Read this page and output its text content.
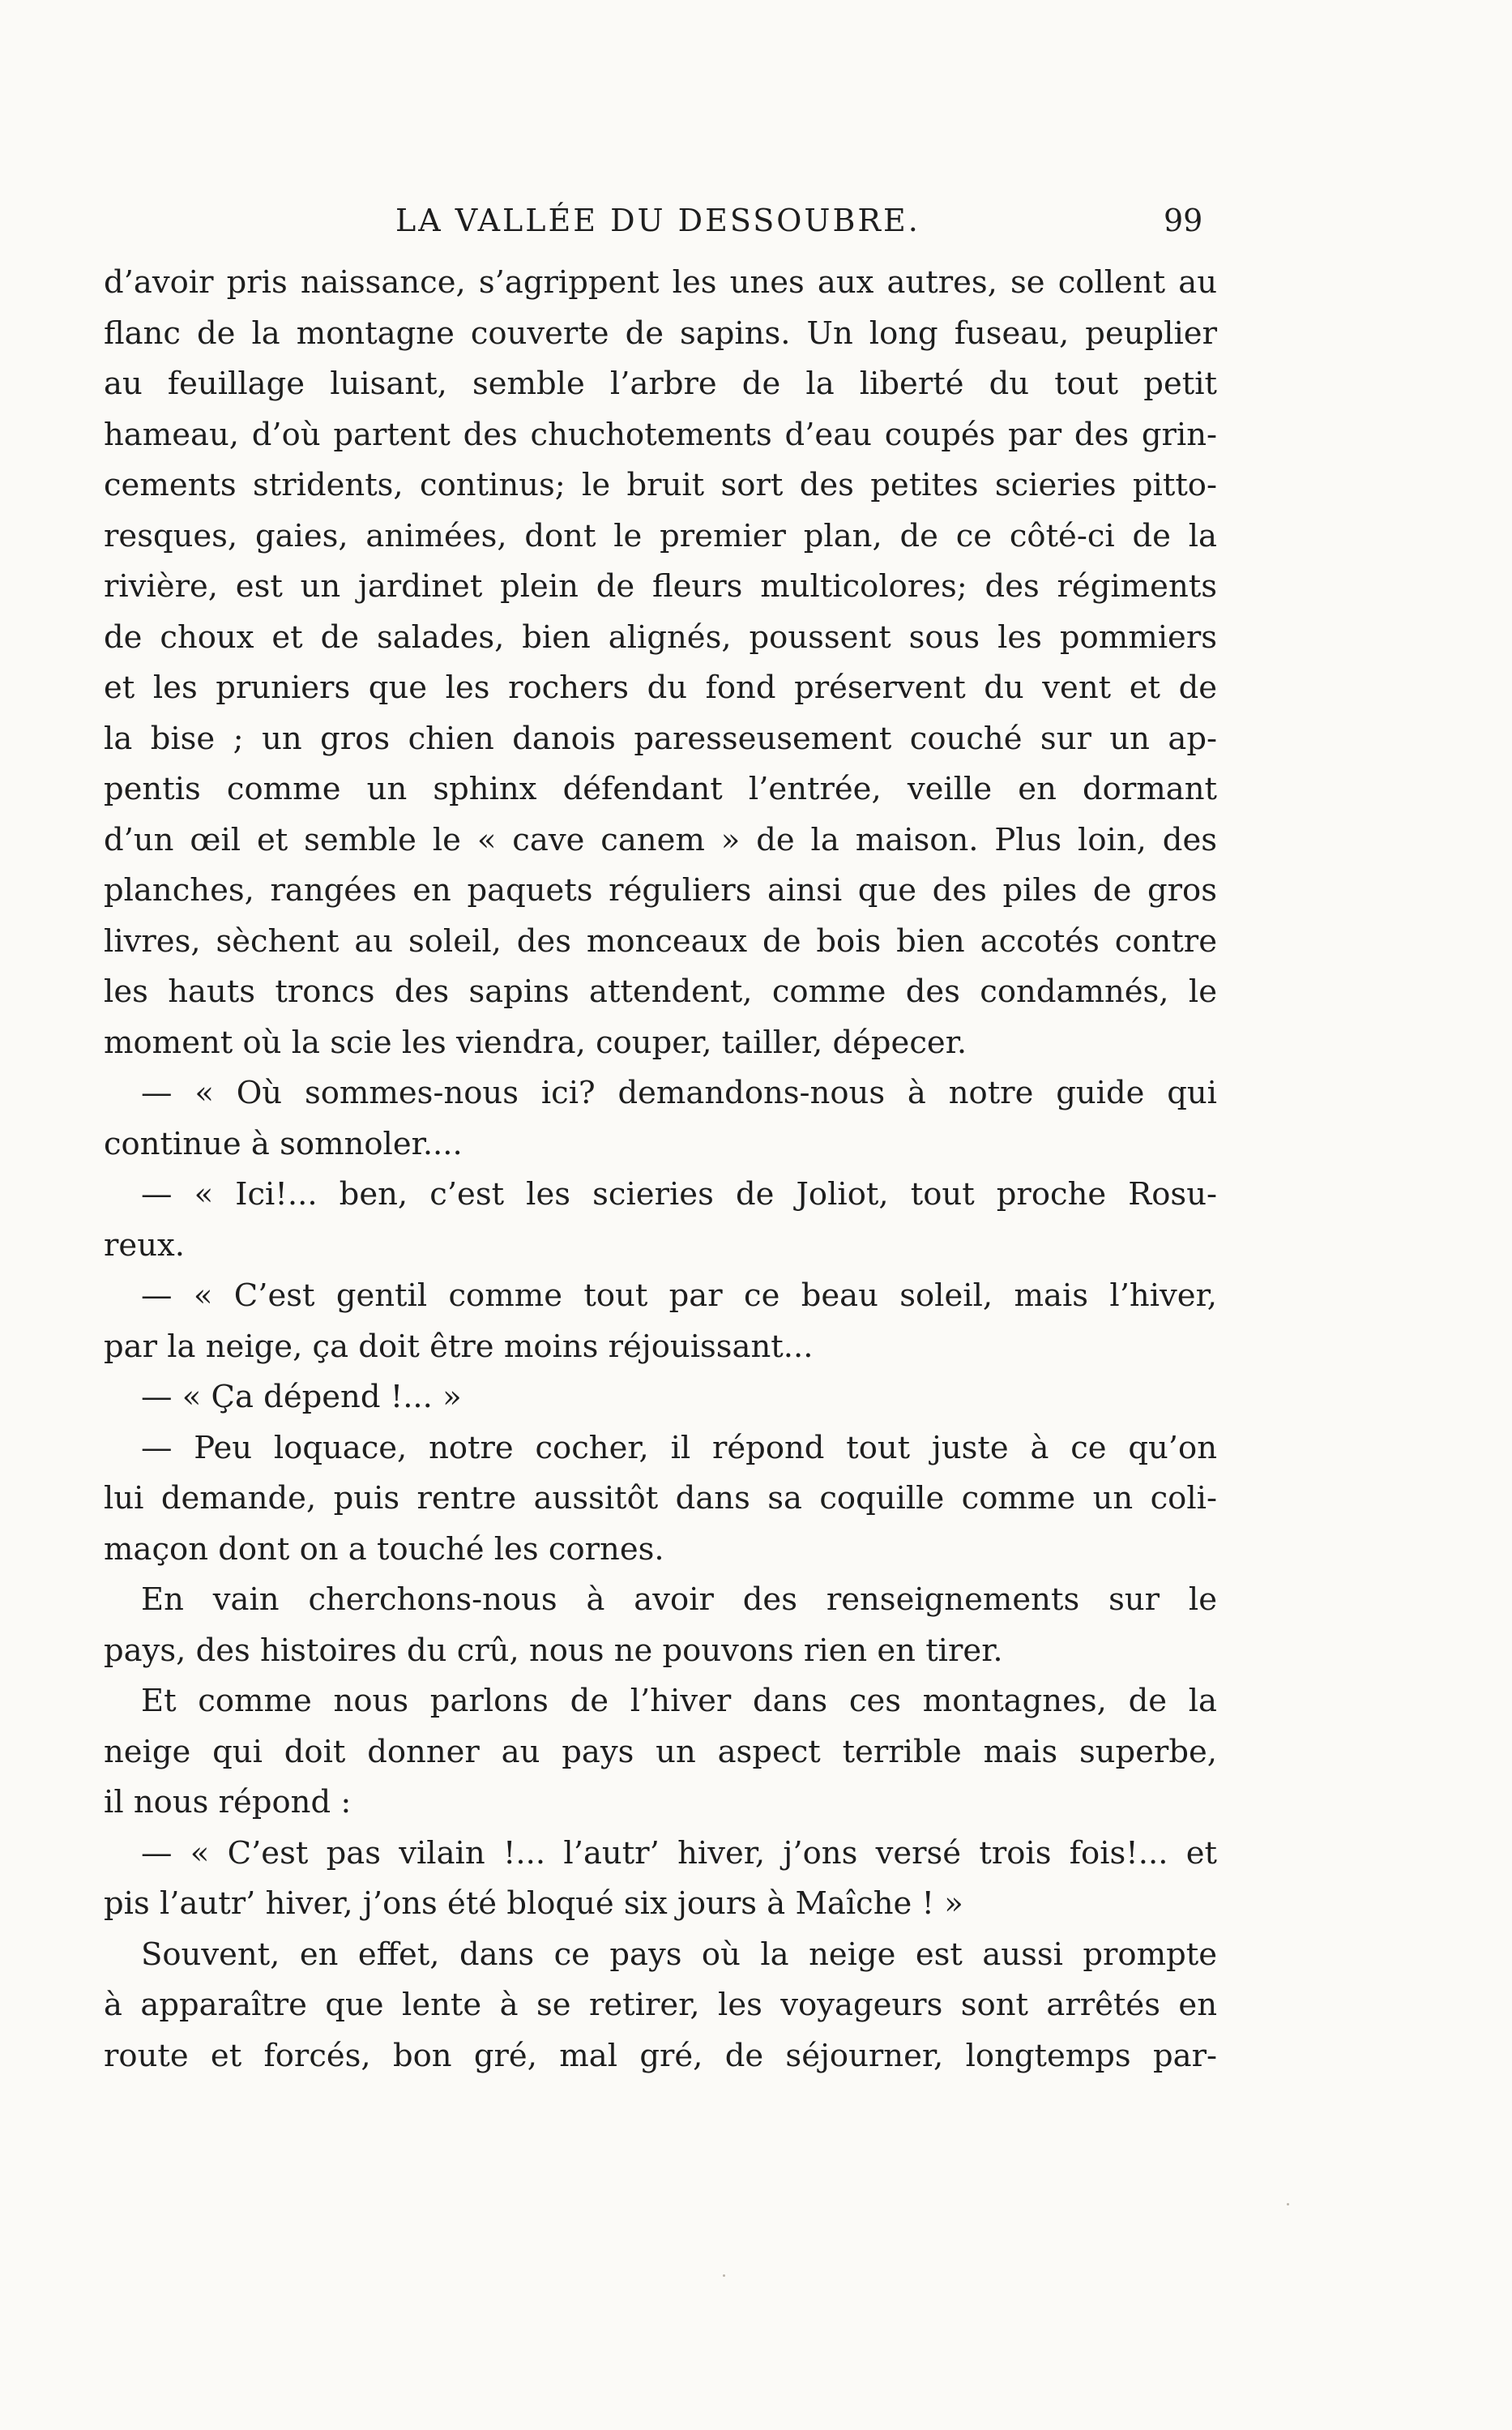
LA VALLÉE DU DESSOUBRE.	99
d’avoir pris naissance, s’agrippent les unes aux autres, se collent au
flanc de la montagne couverte de sapins. Un long fuseau, peuplier
au feuillage luisant, semble l’arbre de la liberté du tout petit
hameau, d’où partent des chuchotements d’eau coupés par des grin-
cements stridents, continus; le bruit sort des petites scieries pitto-
resques, gaies, animées, dont le premier plan, de ce côté-ci de la
rivière, est un jardinet plein de fleurs multicolores; des régiments
de choux et de salades, bien alignés, poussent sous les pommiers
et les pruniers que les rochers du fond préservent du vent et de
la bise ; un gros chien danois paresseusement couché sur un ap-
pentis comme un sphinx défendant l’entrée, veille en dormant
d’un œil et semble le « cave canem » de la maison. Plus loin, des
planches, rangées en paquets réguliers ainsi que des piles de gros
livres, sèchent au soleil, des monceaux de bois bien accotés contre
les hauts troncs des sapins attendent, comme des condamnés, le
moment où la scie les viendra, couper, tailler, dépecer.
— « Où sommes-nous ici? demandons-nous à notre guide qui
continue à somnoler....
— « Ici!... ben, c’est les scieries de Joliot, tout proche Rosu-
reux.
— « C’est gentil comme tout par ce beau soleil, mais l’hiver,
par la neige, ça doit être moins réjouissant...
— « Ça dépend !... »
— Peu loquace, notre cocher, il répond tout juste à ce qu’on
lui demande, puis rentre aussitôt dans sa coquille comme un coli-
maçon dont on a touché les cornes.
En vain cherchons-nous à avoir des renseignements sur le
pays, des histoires du crû, nous ne pouvons rien en tirer.
Et comme nous parlons de l’hiver dans ces montagnes, de la
neige qui doit donner au pays un aspect terrible mais superbe,
il nous répond :
— « C’est pas vilain !... l’autr’ hiver, j’ons versé trois fois!... et
pis l’autr’ hiver, j’ons été bloqué six jours à Maîche ! »
Souvent, en effet, dans ce pays où la neige est aussi prompte
à apparaître que lente à se retirer, les voyageurs sont arrêtés en
route et forcés, bon gré, mal gré, de séjourner, longtemps par-
